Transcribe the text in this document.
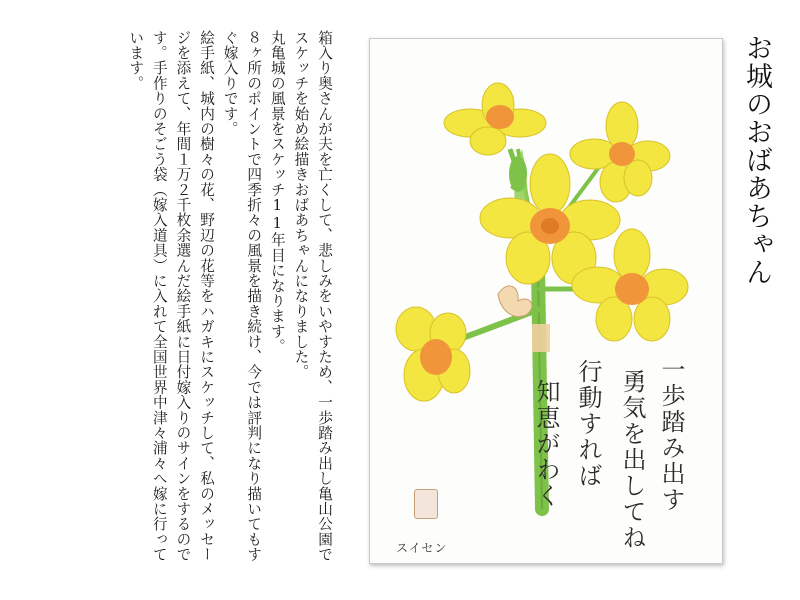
お城のおばあちゃん

箱入り奥さんが夫を亡くして、悲しみをいやすため、一歩踏み出し亀山公園でスケッチを始め絵描きおばあちゃんになりました。

丸亀城の風景をスケッチ11年目になります。

８ヶ所のポイントで四季折々の風景を描き続け、今では評判になり描いてもすぐ嫁入りです。

絵手紙、城内の樹々の花、野辺の花等をハガキにスケッチして、私のメッセージを添えて、年間１万２千枚余選んだ絵手紙に日付嫁入りのサインをするのです。手作りのそごう袋（嫁入道具）に入れて全国世界中津々浦々へ嫁に行っています。

一歩踏み出す
勇気を出してね
行動すれば
知恵がわく
スイセン
